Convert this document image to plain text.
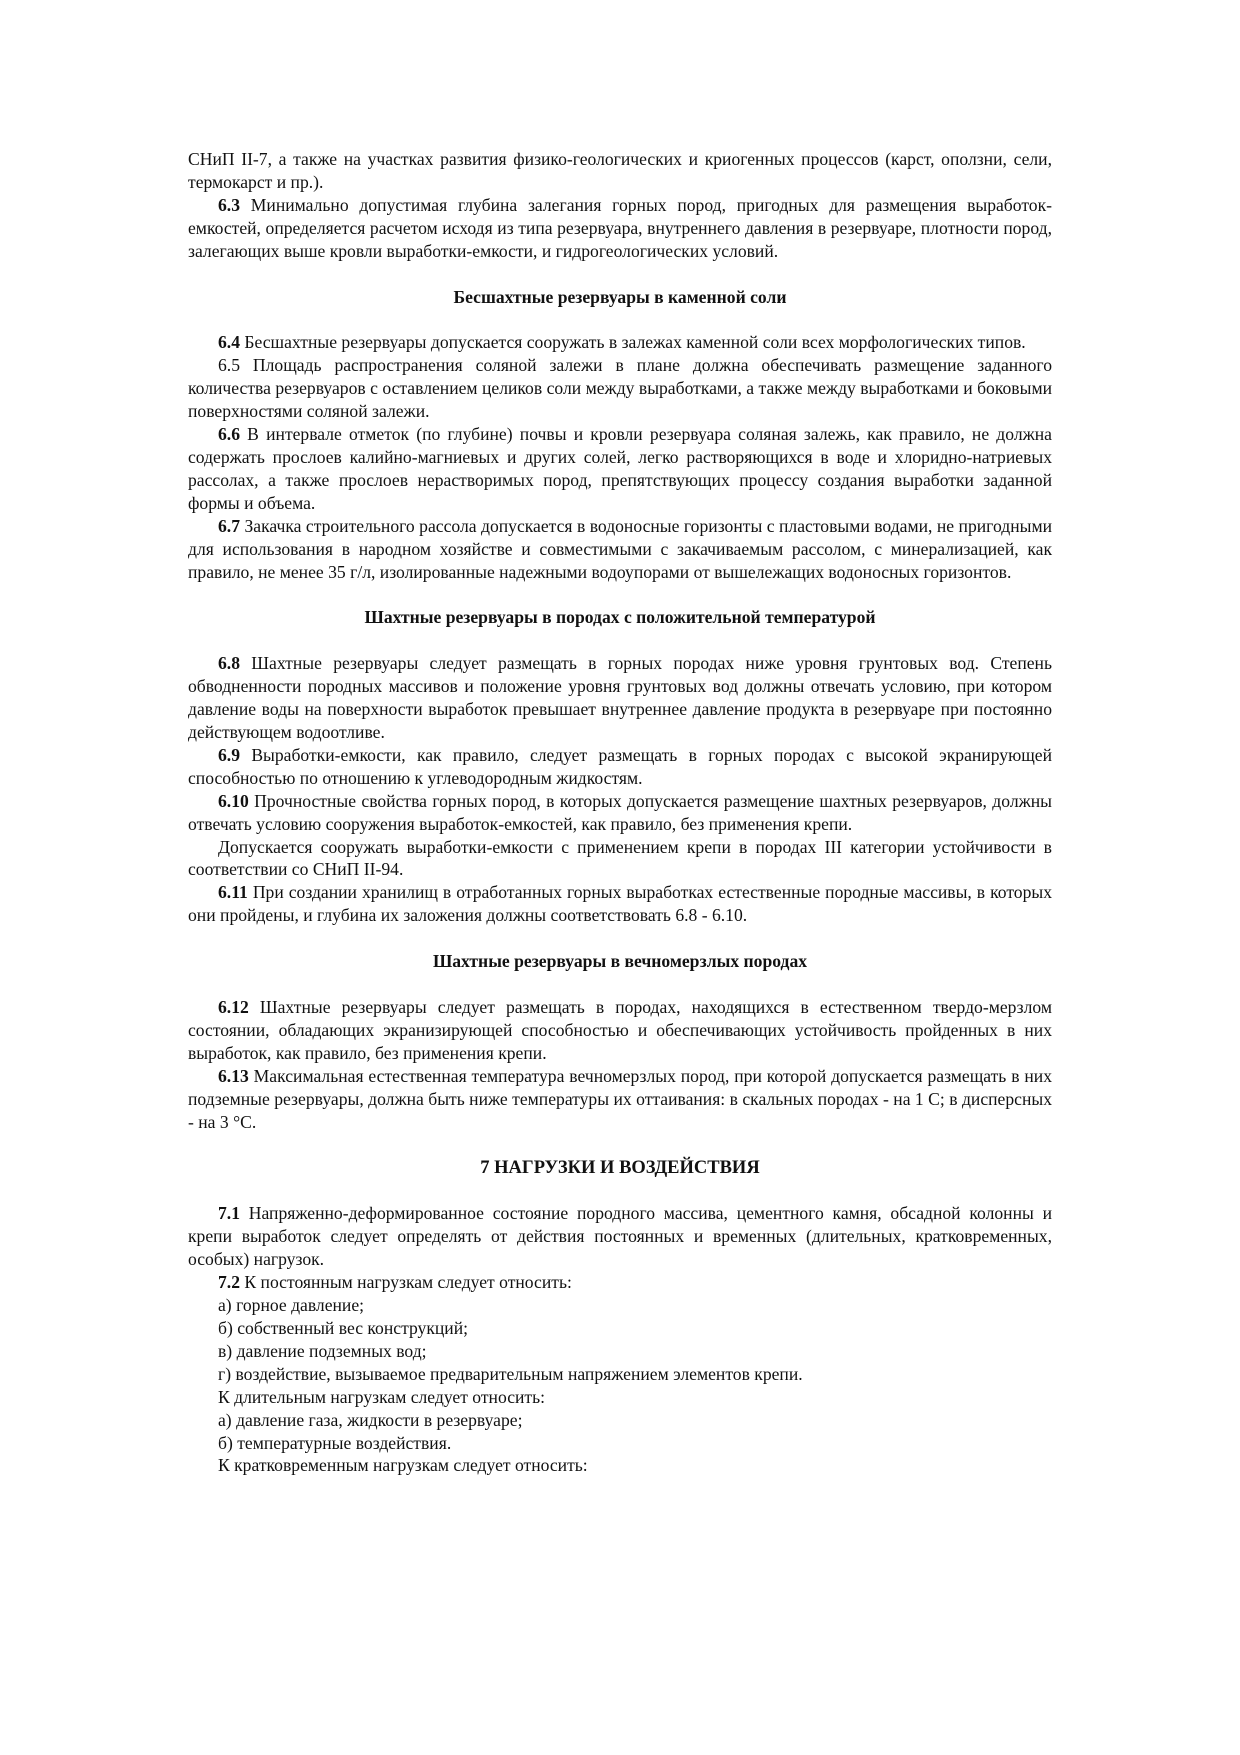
СНиП II-7, а также на участках развития физико-геологических и криогенных процессов (карст, оползни, сели, термокарст и пр.).

6.3 Минимально допустимая глубина залегания горных пород, пригодных для размещения выработок-емкостей, определяется расчетом исходя из типа резервуара, внутреннего давления в резервуаре, плотности пород, залегающих выше кровли выработки-емкости, и гидрогеологических условий.

Бесшахтные резервуары в каменной соли

6.4 Бесшахтные резервуары допускается сооружать в залежах каменной соли всех морфологических типов.

6.5 Площадь распространения соляной залежи в плане должна обеспечивать размещение заданного количества резервуаров с оставлением целиков соли между выработками, а также между выработками и боковыми поверхностями соляной залежи.

6.6 В интервале отметок (по глубине) почвы и кровли резервуара соляная залежь, как правило, не должна содержать прослоев калийно-магниевых и других солей, легко растворяющихся в воде и хлоридно-натриевых рассолах, а также прослоев нерастворимых пород, препятствующих процессу создания выработки заданной формы и объема.

6.7 Закачка строительного рассола допускается в водоносные горизонты с пластовыми водами, не пригодными для использования в народном хозяйстве и совместимыми с закачиваемым рассолом, с минерализацией, как правило, не менее 35 г/л, изолированные надежными водоупорами от вышележащих водоносных горизонтов.

Шахтные резервуары в породах с положительной температурой

6.8 Шахтные резервуары следует размещать в горных породах ниже уровня грунтовых вод. Степень обводненности породных массивов и положение уровня грунтовых вод должны отвечать условию, при котором давление воды на поверхности выработок превышает внутреннее давление продукта в резервуаре при постоянно действующем водоотливе.

6.9 Выработки-емкости, как правило, следует размещать в горных породах с высокой экранирующей способностью по отношению к углеводородным жидкостям.

6.10 Прочностные свойства горных пород, в которых допускается размещение шахтных резервуаров, должны отвечать условию сооружения выработок-емкостей, как правило, без применения крепи.

Допускается сооружать выработки-емкости с применением крепи в породах III категории устойчивости в соответствии со СНиП II-94.

6.11 При создании хранилищ в отработанных горных выработках естественные породные массивы, в которых они пройдены, и глубина их заложения должны соответствовать 6.8 - 6.10.

Шахтные резервуары в вечномерзлых породах

6.12 Шахтные резервуары следует размещать в породах, находящихся в естественном твердо-мерзлом состоянии, обладающих экранизирующей способностью и обеспечивающих устойчивость пройденных в них выработок, как правило, без применения крепи.

6.13 Максимальная естественная температура вечномерзлых пород, при которой допускается размещать в них подземные резервуары, должна быть ниже температуры их оттаивания: в скальных породах - на 1 С; в дисперсных - на 3 °С.

7 НАГРУЗКИ И ВОЗДЕЙСТВИЯ

7.1 Напряженно-деформированное состояние породного массива, цементного камня, обсадной колонны и крепи выработок следует определять от действия постоянных и временных (длительных, кратковременных, особых) нагрузок.

7.2 К постоянным нагрузкам следует относить:

а) горное давление;

б) собственный вес конструкций;

в) давление подземных вод;

г) воздействие, вызываемое предварительным напряжением элементов крепи.

К длительным нагрузкам следует относить:

а) давление газа, жидкости в резервуаре;

б) температурные воздействия.

К кратковременным нагрузкам следует относить:
